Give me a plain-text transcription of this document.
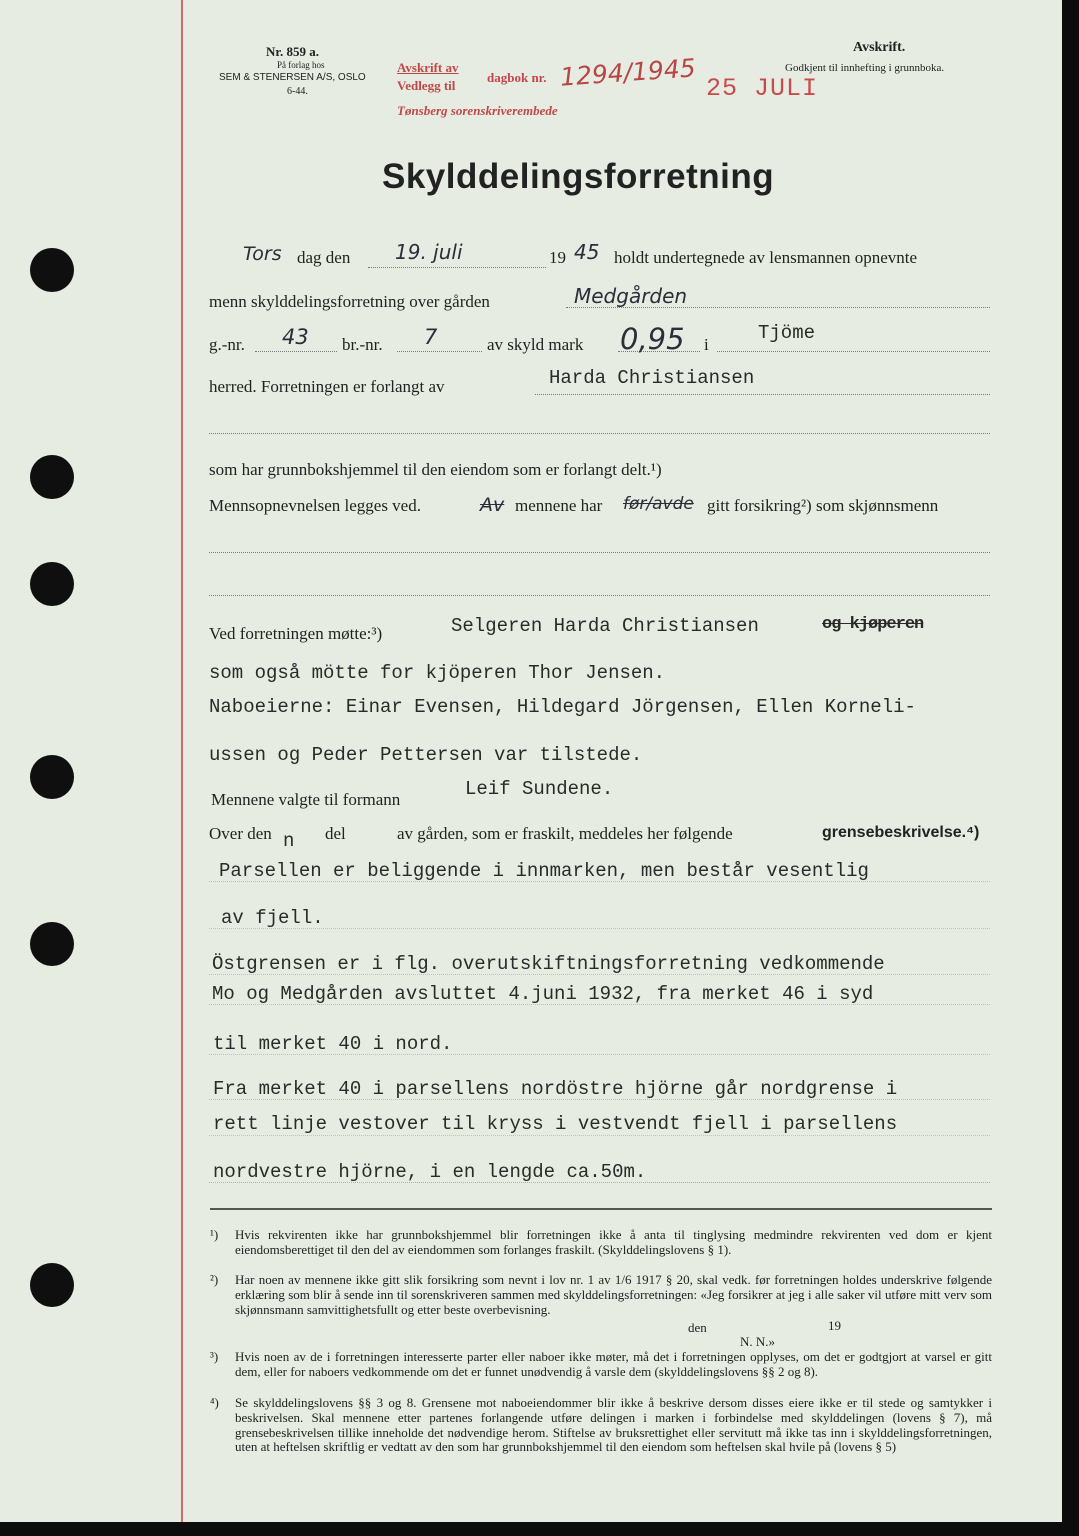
Nr. 859 a.
På forlag hos
SEM & STENERSEN A/S, OSLO
6-44.
Avskrift av
Vedlegg til
dagbok nr. 1294/1945
Tønsberg sorenskriverembede
25 JULI
Avskrift.
Godkjent til innhefting i grunnboka.
Skylddelingsforretning
Tors dag den 19. juli	19 45 holdt undertegnede av lensmannen opnevnte
menn skylddelingsforretning over gården	Medgården
g.-nr. 43 br.-nr. 7	av skyld mark 0,95 i
Tjöme
herred. Forretningen er forlangt av	Harda Christiansen
som har grunnbokshjemmel til den eiendom som er forlangt delt.¹)
Mennsopnevnelsen legges ved.	Av mennene har før/avde gitt forsikring²) som skjønnsmenn
Ved forretningen møtte:³)	Selgeren Harda Christiansen	og kjøperen
som også mötte for kjöperen Thor Jensen.
Naboeierne: Einar Evensen, Hildegard Jörgensen, Ellen Korneli-
ussen og Peder Pettersen var tilstede.
Mennene valgte til formann	Leif Sundene.
Over den n del	av gården, som er fraskilt, meddeles her følgende	grensebeskrivelse.⁴)
Parsellen er beliggende i innmarken, men består vesentlig
av fjell.
Östgrensen er i flg. overutskiftningsforretning vedkommende
Mo og Medgården avsluttet 4.juni 1932, fra merket 46 i syd
til merket 40 i nord.
Fra merket 40 i parsellens nordöstre hjörne går nordgrense i
rett linje vestover til kryss i vestvendt fjell i parsellens
nordvestre hjörne, i en lengde ca.50m.
¹) Hvis rekvirenten ikke har grunnbokshjemmel blir forretningen ikke å anta til tinglysing medmindre rekvirenten ved dom er kjent eiendomsberettiget til den del av eiendommen som forlanges fraskilt. (Skylddelingslovens § 1).
²) Har noen av mennene ikke gitt slik forsikring som nevnt i lov nr. 1 av 1/6 1917 § 20, skal vedk. før forretningen holdes underskrive følgende erklæring som blir å sende inn til sorenskriveren sammen med skylddelingsforretningen: «Jeg forsikrer at jeg i alle saker vil utføre mitt verv som skjønnsmann samvittighetsfullt og etter beste overbevisning.
den	19
N. N.»
³) Hvis noen av de i forretningen interesserte parter eller naboer ikke møter, må det i forretningen opplyses, om det er godtgjort at varsel er gitt dem, eller for naboers vedkommende om det er funnet unødvendig å varsle dem (skylddelingslovens §§ 2 og 8).
⁴) Se skylddelingslovens §§ 3 og 8. Grensene mot naboeiendommer blir ikke å beskrive dersom disses eiere ikke er til stede og samtykker i beskrivelsen. Skal mennene etter partenes forlangende utføre delingen i marken i forbindelse med skylddelingen (lovens § 7), må grensebeskrivelsen tillike inneholde det nødvendige herom. Stiftelse av bruksrettighet eller servitutt må ikke tas inn i skylddelingsforretningen, uten at heftelsen skriftlig er vedtatt av den som har grunnbokshjemmel til den eiendom som heftelsen skal hvile på (lovens § 5)
